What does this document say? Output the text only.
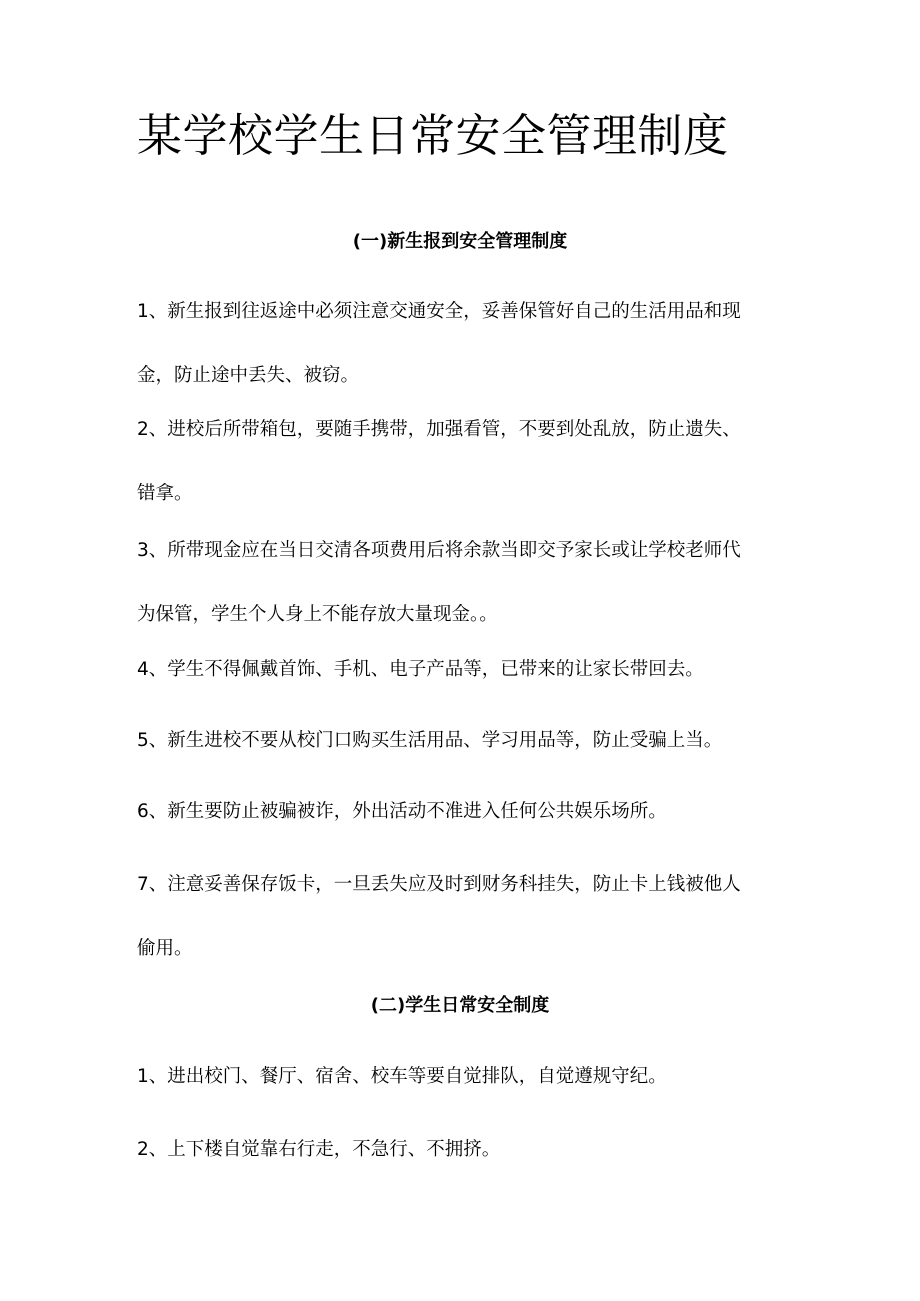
某学校学生日常安全管理制度
(一)新生报到安全管理制度
1、新生报到往返途中必须注意交通安全，妥善保管好自己的生活用品和现
金，防止途中丢失、被窃。
2、进校后所带箱包，要随手携带，加强看管，不要到处乱放，防止遗失、
错拿。
3、所带现金应在当日交清各项费用后将余款当即交予家长或让学校老师代
为保管，学生个人身上不能存放大量现金。。
4、学生不得佩戴首饰、手机、电子产品等，已带来的让家长带回去。
5、新生进校不要从校门口购买生活用品、学习用品等，防止受骗上当。
6、新生要防止被骗被诈，外出活动不准进入任何公共娱乐场所。
7、注意妥善保存饭卡，一旦丢失应及时到财务科挂失，防止卡上钱被他人
偷用。
(二)学生日常安全制度
1、进出校门、餐厅、宿舍、校车等要自觉排队，自觉遵规守纪。
2、上下楼自觉靠右行走，不急行、不拥挤。
